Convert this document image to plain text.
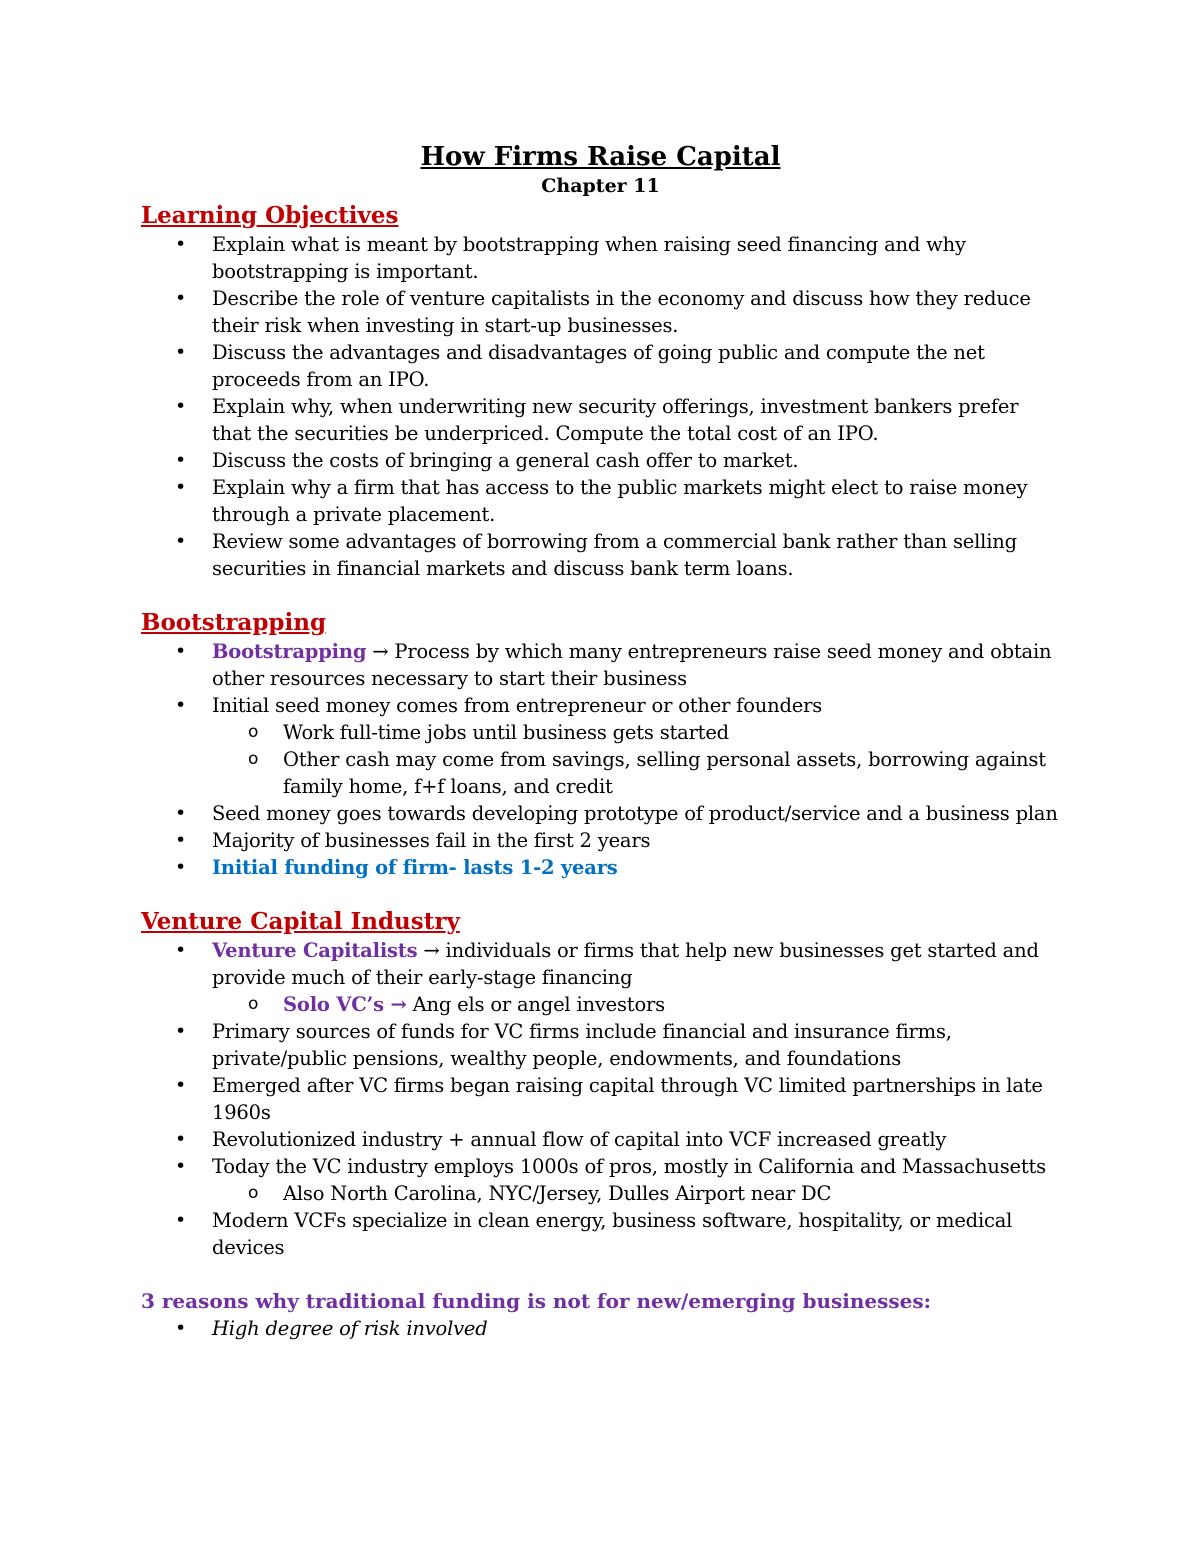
How Firms Raise Capital

Chapter 11

Learning Objectives
• Explain what is meant by bootstrapping when raising seed financing and why bootstrapping is important.
• Describe the role of venture capitalists in the economy and discuss how they reduce their risk when investing in start-up businesses.
• Discuss the advantages and disadvantages of going public and compute the net proceeds from an IPO.
• Explain why, when underwriting new security offerings, investment bankers prefer that the securities be underpriced. Compute the total cost of an IPO.
• Discuss the costs of bringing a general cash offer to market.
• Explain why a firm that has access to the public markets might elect to raise money through a private placement.
• Review some advantages of borrowing from a commercial bank rather than selling securities in financial markets and discuss bank term loans.
Bootstrapping
• Bootstrapping → Process by which many entrepreneurs raise seed money and obtain other resources necessary to start their business
• Initial seed money comes from entrepreneur or other founders
o Work full-time jobs until business gets started
o Other cash may come from savings, selling personal assets, borrowing against family home, f+f loans, and credit
• Seed money goes towards developing prototype of product/service and a business plan
• Majority of businesses fail in the first 2 years
• Initial funding of firm- lasts 1-2 years
Venture Capital Industry
• Venture Capitalists → individuals or firms that help new businesses get started and provide much of their early-stage financing
o Solo VC’s → Ang els or angel investors
• Primary sources of funds for VC firms include financial and insurance firms, private/public pensions, wealthy people, endowments, and foundations
• Emerged after VC firms began raising capital through VC limited partnerships in late 1960s
• Revolutionized industry + annual flow of capital into VCF increased greatly
• Today the VC industry employs 1000s of pros, mostly in California and Massachusetts
o Also North Carolina, NYC/Jersey, Dulles Airport near DC
• Modern VCFs specialize in clean energy, business software, hospitality, or medical devices
3 reasons why traditional funding is not for new/emerging businesses:
• High degree of risk involved
